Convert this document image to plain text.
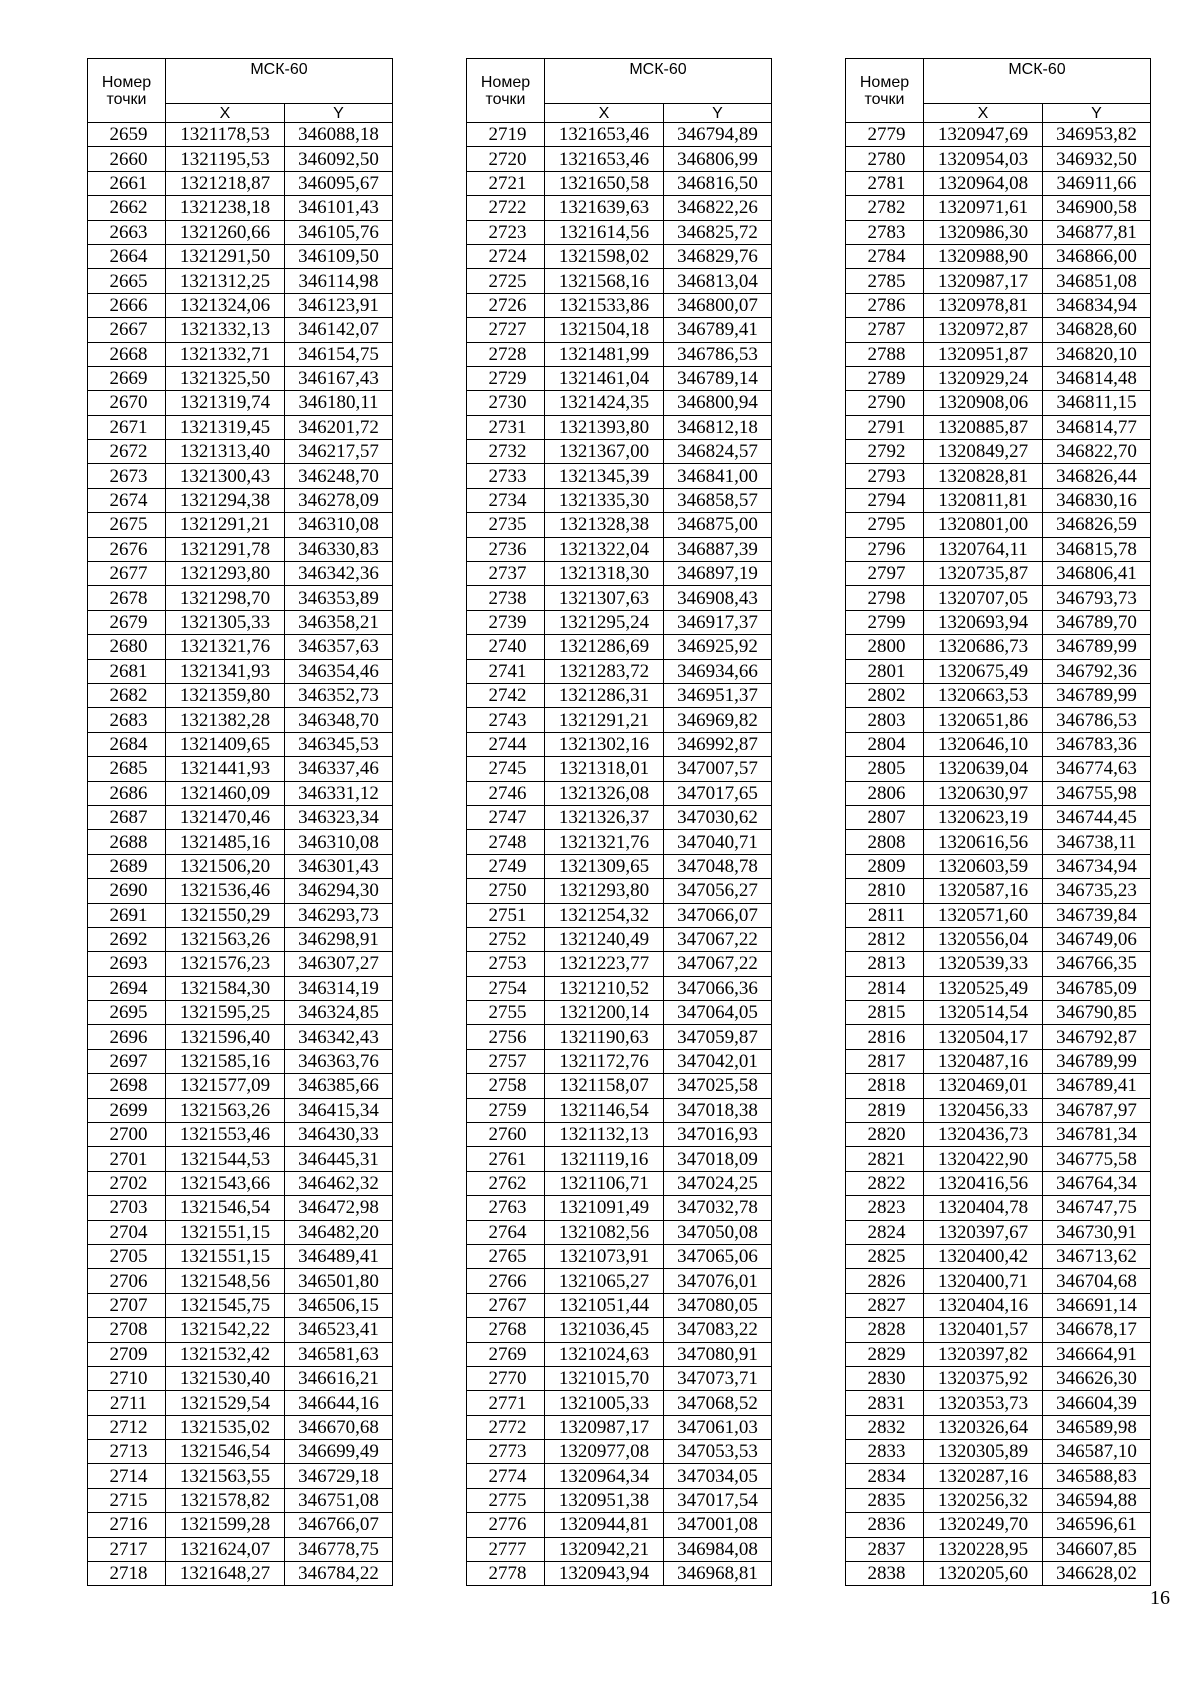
Номер точки	МСК-60	
	X	Y
2659	1321178,53	346088,18
2660	1321195,53	346092,50
2661	1321218,87	346095,67
2662	1321238,18	346101,43
2663	1321260,66	346105,76
2664	1321291,50	346109,50
2665	1321312,25	346114,98
2666	1321324,06	346123,91
2667	1321332,13	346142,07
2668	1321332,71	346154,75
2669	1321325,50	346167,43
2670	1321319,74	346180,11
2671	1321319,45	346201,72
2672	1321313,40	346217,57
2673	1321300,43	346248,70
2674	1321294,38	346278,09
2675	1321291,21	346310,08
2676	1321291,78	346330,83
2677	1321293,80	346342,36
2678	1321298,70	346353,89
2679	1321305,33	346358,21
2680	1321321,76	346357,63
2681	1321341,93	346354,46
2682	1321359,80	346352,73
2683	1321382,28	346348,70
2684	1321409,65	346345,53
2685	1321441,93	346337,46
2686	1321460,09	346331,12
2687	1321470,46	346323,34
2688	1321485,16	346310,08
2689	1321506,20	346301,43
2690	1321536,46	346294,30
2691	1321550,29	346293,73
2692	1321563,26	346298,91
2693	1321576,23	346307,27
2694	1321584,30	346314,19
2695	1321595,25	346324,85
2696	1321596,40	346342,43
2697	1321585,16	346363,76
2698	1321577,09	346385,66
2699	1321563,26	346415,34
2700	1321553,46	346430,33
2701	1321544,53	346445,31
2702	1321543,66	346462,32
2703	1321546,54	346472,98
2704	1321551,15	346482,20
2705	1321551,15	346489,41
2706	1321548,56	346501,80
2707	1321545,75	346506,15
2708	1321542,22	346523,41
2709	1321532,42	346581,63
2710	1321530,40	346616,21
2711	1321529,54	346644,16
2712	1321535,02	346670,68
2713	1321546,54	346699,49
2714	1321563,55	346729,18
2715	1321578,82	346751,08
2716	1321599,28	346766,07
2717	1321624,07	346778,75
2718	1321648,27	346784,22
Номер точки	МСК-60	
	X	Y
2719	1321653,46	346794,89
2720	1321653,46	346806,99
2721	1321650,58	346816,50
2722	1321639,63	346822,26
2723	1321614,56	346825,72
2724	1321598,02	346829,76
2725	1321568,16	346813,04
2726	1321533,86	346800,07
2727	1321504,18	346789,41
2728	1321481,99	346786,53
2729	1321461,04	346789,14
2730	1321424,35	346800,94
2731	1321393,80	346812,18
2732	1321367,00	346824,57
2733	1321345,39	346841,00
2734	1321335,30	346858,57
2735	1321328,38	346875,00
2736	1321322,04	346887,39
2737	1321318,30	346897,19
2738	1321307,63	346908,43
2739	1321295,24	346917,37
2740	1321286,69	346925,92
2741	1321283,72	346934,66
2742	1321286,31	346951,37
2743	1321291,21	346969,82
2744	1321302,16	346992,87
2745	1321318,01	347007,57
2746	1321326,08	347017,65
2747	1321326,37	347030,62
2748	1321321,76	347040,71
2749	1321309,65	347048,78
2750	1321293,80	347056,27
2751	1321254,32	347066,07
2752	1321240,49	347067,22
2753	1321223,77	347067,22
2754	1321210,52	347066,36
2755	1321200,14	347064,05
2756	1321190,63	347059,87
2757	1321172,76	347042,01
2758	1321158,07	347025,58
2759	1321146,54	347018,38
2760	1321132,13	347016,93
2761	1321119,16	347018,09
2762	1321106,71	347024,25
2763	1321091,49	347032,78
2764	1321082,56	347050,08
2765	1321073,91	347065,06
2766	1321065,27	347076,01
2767	1321051,44	347080,05
2768	1321036,45	347083,22
2769	1321024,63	347080,91
2770	1321015,70	347073,71
2771	1321005,33	347068,52
2772	1320987,17	347061,03
2773	1320977,08	347053,53
2774	1320964,34	347034,05
2775	1320951,38	347017,54
2776	1320944,81	347001,08
2777	1320942,21	346984,08
2778	1320943,94	346968,81
Номер точки	МСК-60	
	X	Y
2779	1320947,69	346953,82
2780	1320954,03	346932,50
2781	1320964,08	346911,66
2782	1320971,61	346900,58
2783	1320986,30	346877,81
2784	1320988,90	346866,00
2785	1320987,17	346851,08
2786	1320978,81	346834,94
2787	1320972,87	346828,60
2788	1320951,87	346820,10
2789	1320929,24	346814,48
2790	1320908,06	346811,15
2791	1320885,87	346814,77
2792	1320849,27	346822,70
2793	1320828,81	346826,44
2794	1320811,81	346830,16
2795	1320801,00	346826,59
2796	1320764,11	346815,78
2797	1320735,87	346806,41
2798	1320707,05	346793,73
2799	1320693,94	346789,70
2800	1320686,73	346789,99
2801	1320675,49	346792,36
2802	1320663,53	346789,99
2803	1320651,86	346786,53
2804	1320646,10	346783,36
2805	1320639,04	346774,63
2806	1320630,97	346755,98
2807	1320623,19	346744,45
2808	1320616,56	346738,11
2809	1320603,59	346734,94
2810	1320587,16	346735,23
2811	1320571,60	346739,84
2812	1320556,04	346749,06
2813	1320539,33	346766,35
2814	1320525,49	346785,09
2815	1320514,54	346790,85
2816	1320504,17	346792,87
2817	1320487,16	346789,99
2818	1320469,01	346789,41
2819	1320456,33	346787,97
2820	1320436,73	346781,34
2821	1320422,90	346775,58
2822	1320416,56	346764,34
2823	1320404,78	346747,75
2824	1320397,67	346730,91
2825	1320400,42	346713,62
2826	1320400,71	346704,68
2827	1320404,16	346691,14
2828	1320401,57	346678,17
2829	1320397,82	346664,91
2830	1320375,92	346626,30
2831	1320353,73	346604,39
2832	1320326,64	346589,98
2833	1320305,89	346587,10
2834	1320287,16	346588,83
2835	1320256,32	346594,88
2836	1320249,70	346596,61
2837	1320228,95	346607,85
2838	1320205,60	346628,02
16
